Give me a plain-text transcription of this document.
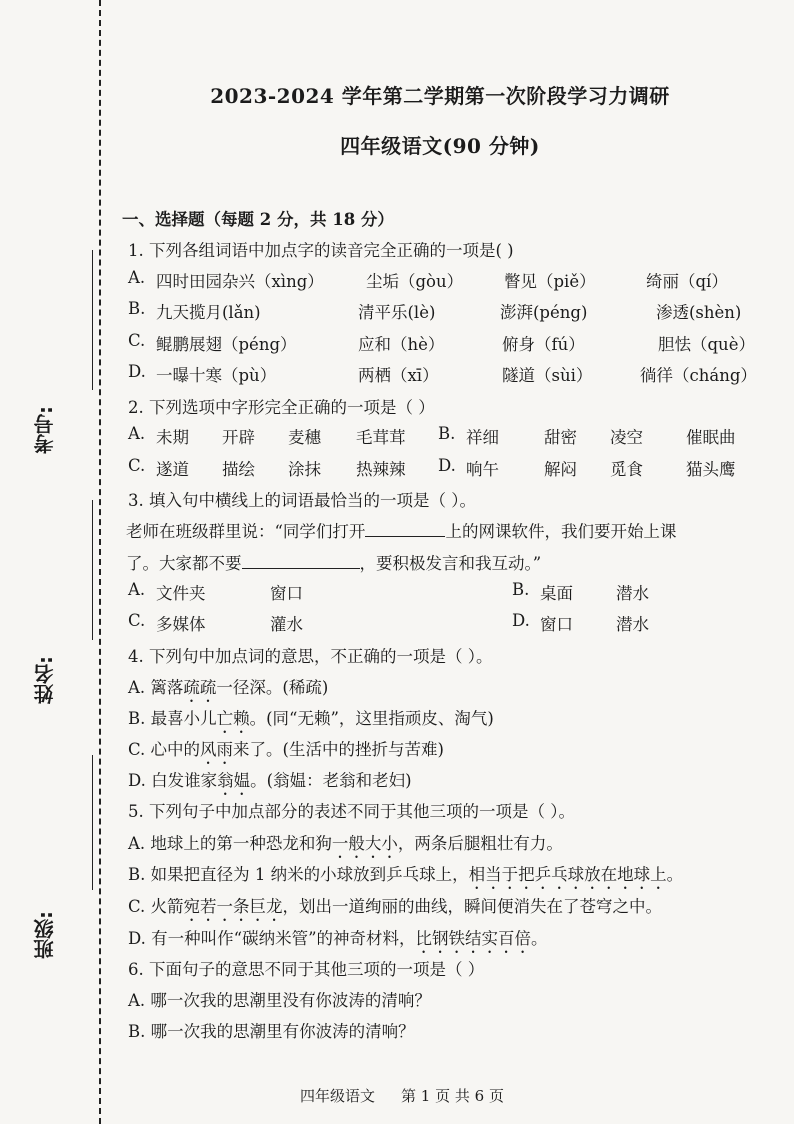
考号:
姓名:
班级:
2023-2024 学年第二学期第一次阶段学习力调研
四年级语文(90 分钟)
一、选择题（每题 2 分，共 18 分）
1. 下列各组词语中加点字的读音完全正确的一项是( )
A. 四时田园杂兴（xìng）	尘垢（gòu） 瞥见（piě）	绮丽（qí）
B. 九天揽月(lǎn)	清平乐(lè)	澎湃(péng)	渗透(shèn)
C. 鲲鹏展翅（péng）	应和（hè）	俯身（fú）	胆怯（què）
D. 一曝十寒（pù）	两栖（xī）	隧道（sùi）	徜徉（cháng）
2. 下列选项中字形完全正确的一项是（ ）
A. 未期 开辟 麦穗 毛茸茸 B. 祥细	甜密 凌空	催眠曲
C. 遂道 描绘 涂抹 热辣辣 D. 响午	解闷 觅食	猫头鹰
3. 填入句中横线上的词语最恰当的一项是（ ）。
老师在班级群里说：“同学们打开	上的网课软件，我们要开始上课
了。大家都不要	，要积极发言和我互动。”
A. 文件夹	窗口	B. 桌面	潜水
C. 多媒体	灌水	D. 窗口	潜水
4. 下列句中加点词的意思，不正确的一项是（ ）。
A. 篱落疏疏一径深。(稀疏)
B. 最喜小儿亡赖。(同“无赖”，这里指顽皮、淘气)
C. 心中的风雨来了。(生活中的挫折与苦难)
D. 白发谁家翁媪。(翁媪：老翁和老妇)
5. 下列句子中加点部分的表述不同于其他三项的一项是（ ）。
A. 地球上的第一种恐龙和狗一般大小，两条后腿粗壮有力。
B. 如果把直径为 1 纳米的小球放到乒乓球上，相当于把乒乓球放在地球上。
C. 火箭宛若一条巨龙，划出一道绚丽的曲线，瞬间便消失在了苍穹之中。
D. 有一种叫作“碳纳米管”的神奇材料，比钢铁结实百倍。
6. 下面句子的意思不同于其他三项的一项是（ ）
A. 哪一次我的思潮里没有你波涛的清响？
B. 哪一次我的思潮里有你波涛的清响？
四年级语文 第 1 页 共 6 页
